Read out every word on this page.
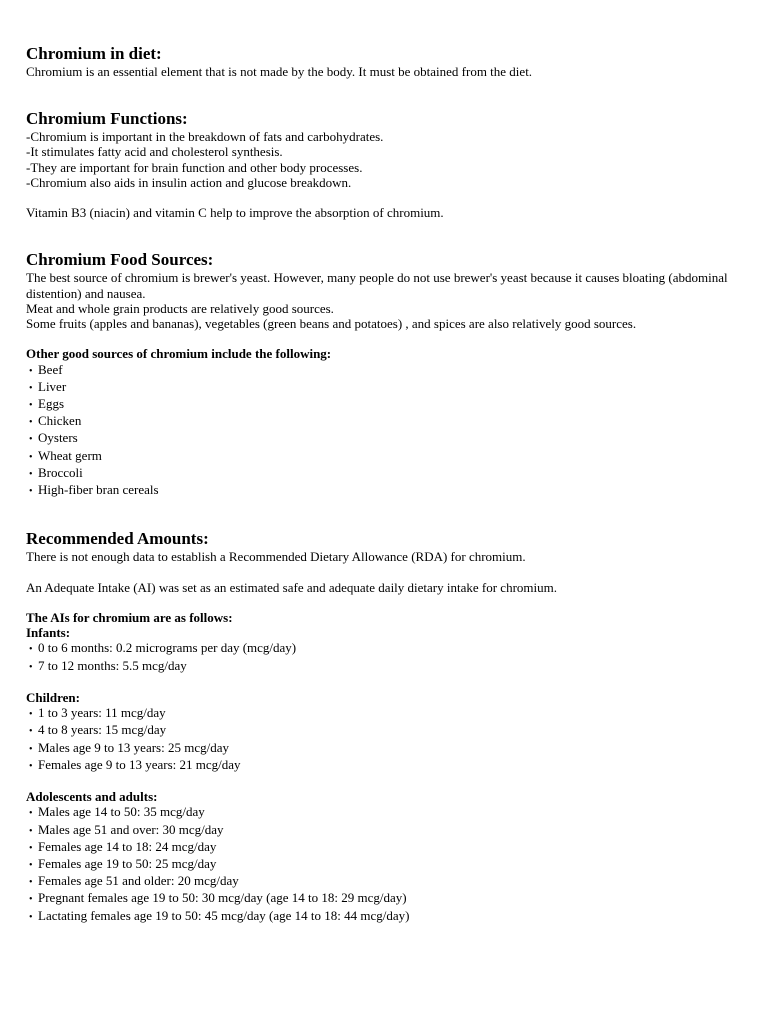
Chromium in diet:

Chromium is an essential element that is not made by the body. It must be obtained from the diet.

Chromium Functions:

-Chromium is important in the breakdown of fats and carbohydrates.

-It stimulates fatty acid and cholesterol synthesis.

-They are important for brain function and other body processes.

-Chromium also aids in insulin action and glucose breakdown.

Vitamin B3 (niacin) and vitamin C help to improve the absorption of chromium.

Chromium Food Sources:

The best source of chromium is brewer's yeast. However, many people do not use brewer's yeast because it causes bloating (abdominal distention) and nausea.

Meat and whole grain products are relatively good sources.

Some fruits (apples and bananas), vegetables (green beans and potatoes) , and spices are also relatively good sources.

Other good sources of chromium include the following:

• Beef
• Liver
• Eggs
• Chicken
• Oysters
• Wheat germ
• Broccoli
• High-fiber bran cereals
Recommended Amounts:

There is not enough data to establish a Recommended Dietary Allowance (RDA) for chromium.

An Adequate Intake (AI) was set as an estimated safe and adequate daily dietary intake for chromium.

The AIs for chromium are as follows:

Infants:

• 0 to 6 months: 0.2 micrograms per day (mcg/day)
• 7 to 12 months: 5.5 mcg/day

Children:

• 1 to 3 years: 11 mcg/day
• 4 to 8 years: 15 mcg/day
• Males age 9 to 13 years: 25 mcg/day
• Females age 9 to 13 years: 21 mcg/day

Adolescents and adults:

• Males age 14 to 50: 35 mcg/day
• Males age 51 and over: 30 mcg/day
• Females age 14 to 18: 24 mcg/day
• Females age 19 to 50: 25 mcg/day
• Females age 51 and older: 20 mcg/day
• Pregnant females age 19 to 50: 30 mcg/day (age 14 to 18: 29 mcg/day)
• Lactating females age 19 to 50: 45 mcg/day (age 14 to 18: 44 mcg/day)
